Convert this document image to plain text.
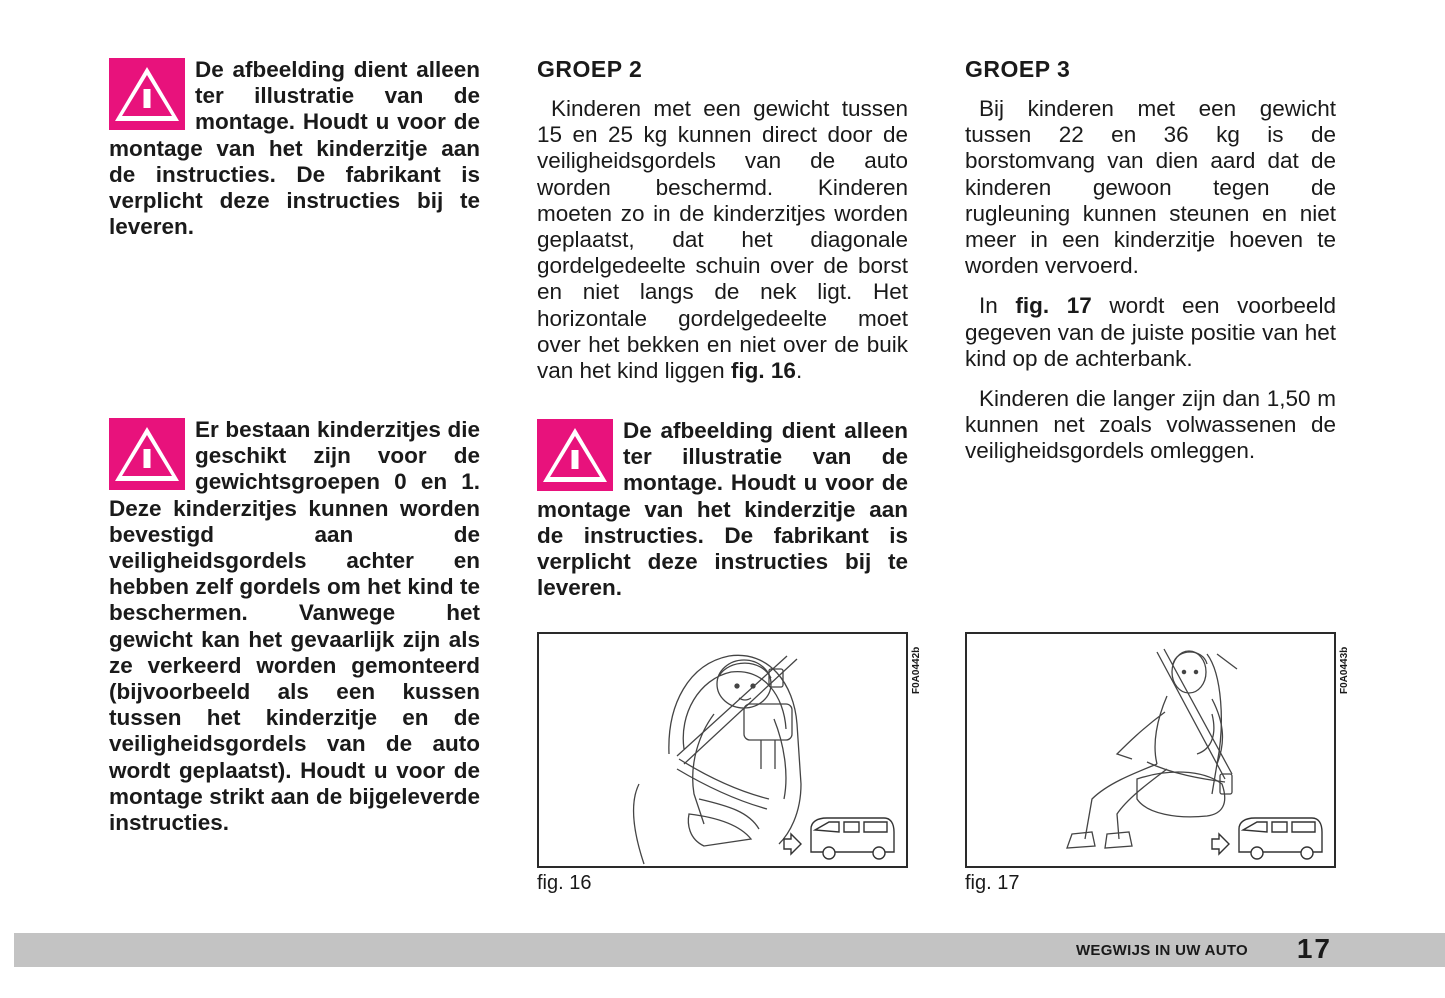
De afbeelding dient alleen ter illustratie van de montage. Houdt u voor de montage van het kinderzitje aan de instructies. De fabrikant is verplicht deze instructies bij te leveren.
Er bestaan kinderzitjes die geschikt zijn voor de gewichtsgroepen 0 en 1. Deze kinderzitjes kunnen worden bevestigd aan de veiligheidsgordels achter en hebben zelf gordels om het kind te beschermen. Vanwege het gewicht kan het gevaarlijk zijn als ze verkeerd worden gemonteerd (bijvoorbeeld als een kussen tussen het kinderzitje en de veiligheidsgordels van de auto wordt geplaatst). Houdt u voor de montage strikt aan de bijgeleverde instructies.
GROEP 2

Kinderen met een gewicht tussen 15 en 25 kg kunnen direct door de veiligheidsgordels van de auto worden beschermd. Kinderen moeten zo in de kinderzitjes worden geplaatst, dat het diagonale gordelgedeelte schuin over de borst en niet langs de nek ligt. Het horizontale gordelgedeelte moet over het bekken en niet over de buik van het kind liggen fig. 16.

De afbeelding dient alleen ter illustratie van de montage. Houdt u voor de montage van het kinderzitje aan de instructies. De fabrikant is verplicht deze instructies bij te leveren.
F0A0442b
fig. 16
GROEP 3

Bij kinderen met een gewicht tussen 22 en 36 kg is de borstomvang van dien aard dat de kinderen gewoon tegen de rugleuning kunnen steunen en niet meer in een kinderzitje hoeven te worden vervoerd.

In fig. 17 wordt een voorbeeld gegeven van de juiste positie van het kind op de achterbank.

Kinderen die langer zijn dan 1,50 m kunnen net zoals volwassenen de veiligheidsgordels omleggen.

F0A0443b
fig. 17
WEGWIJS IN UW AUTO 17
